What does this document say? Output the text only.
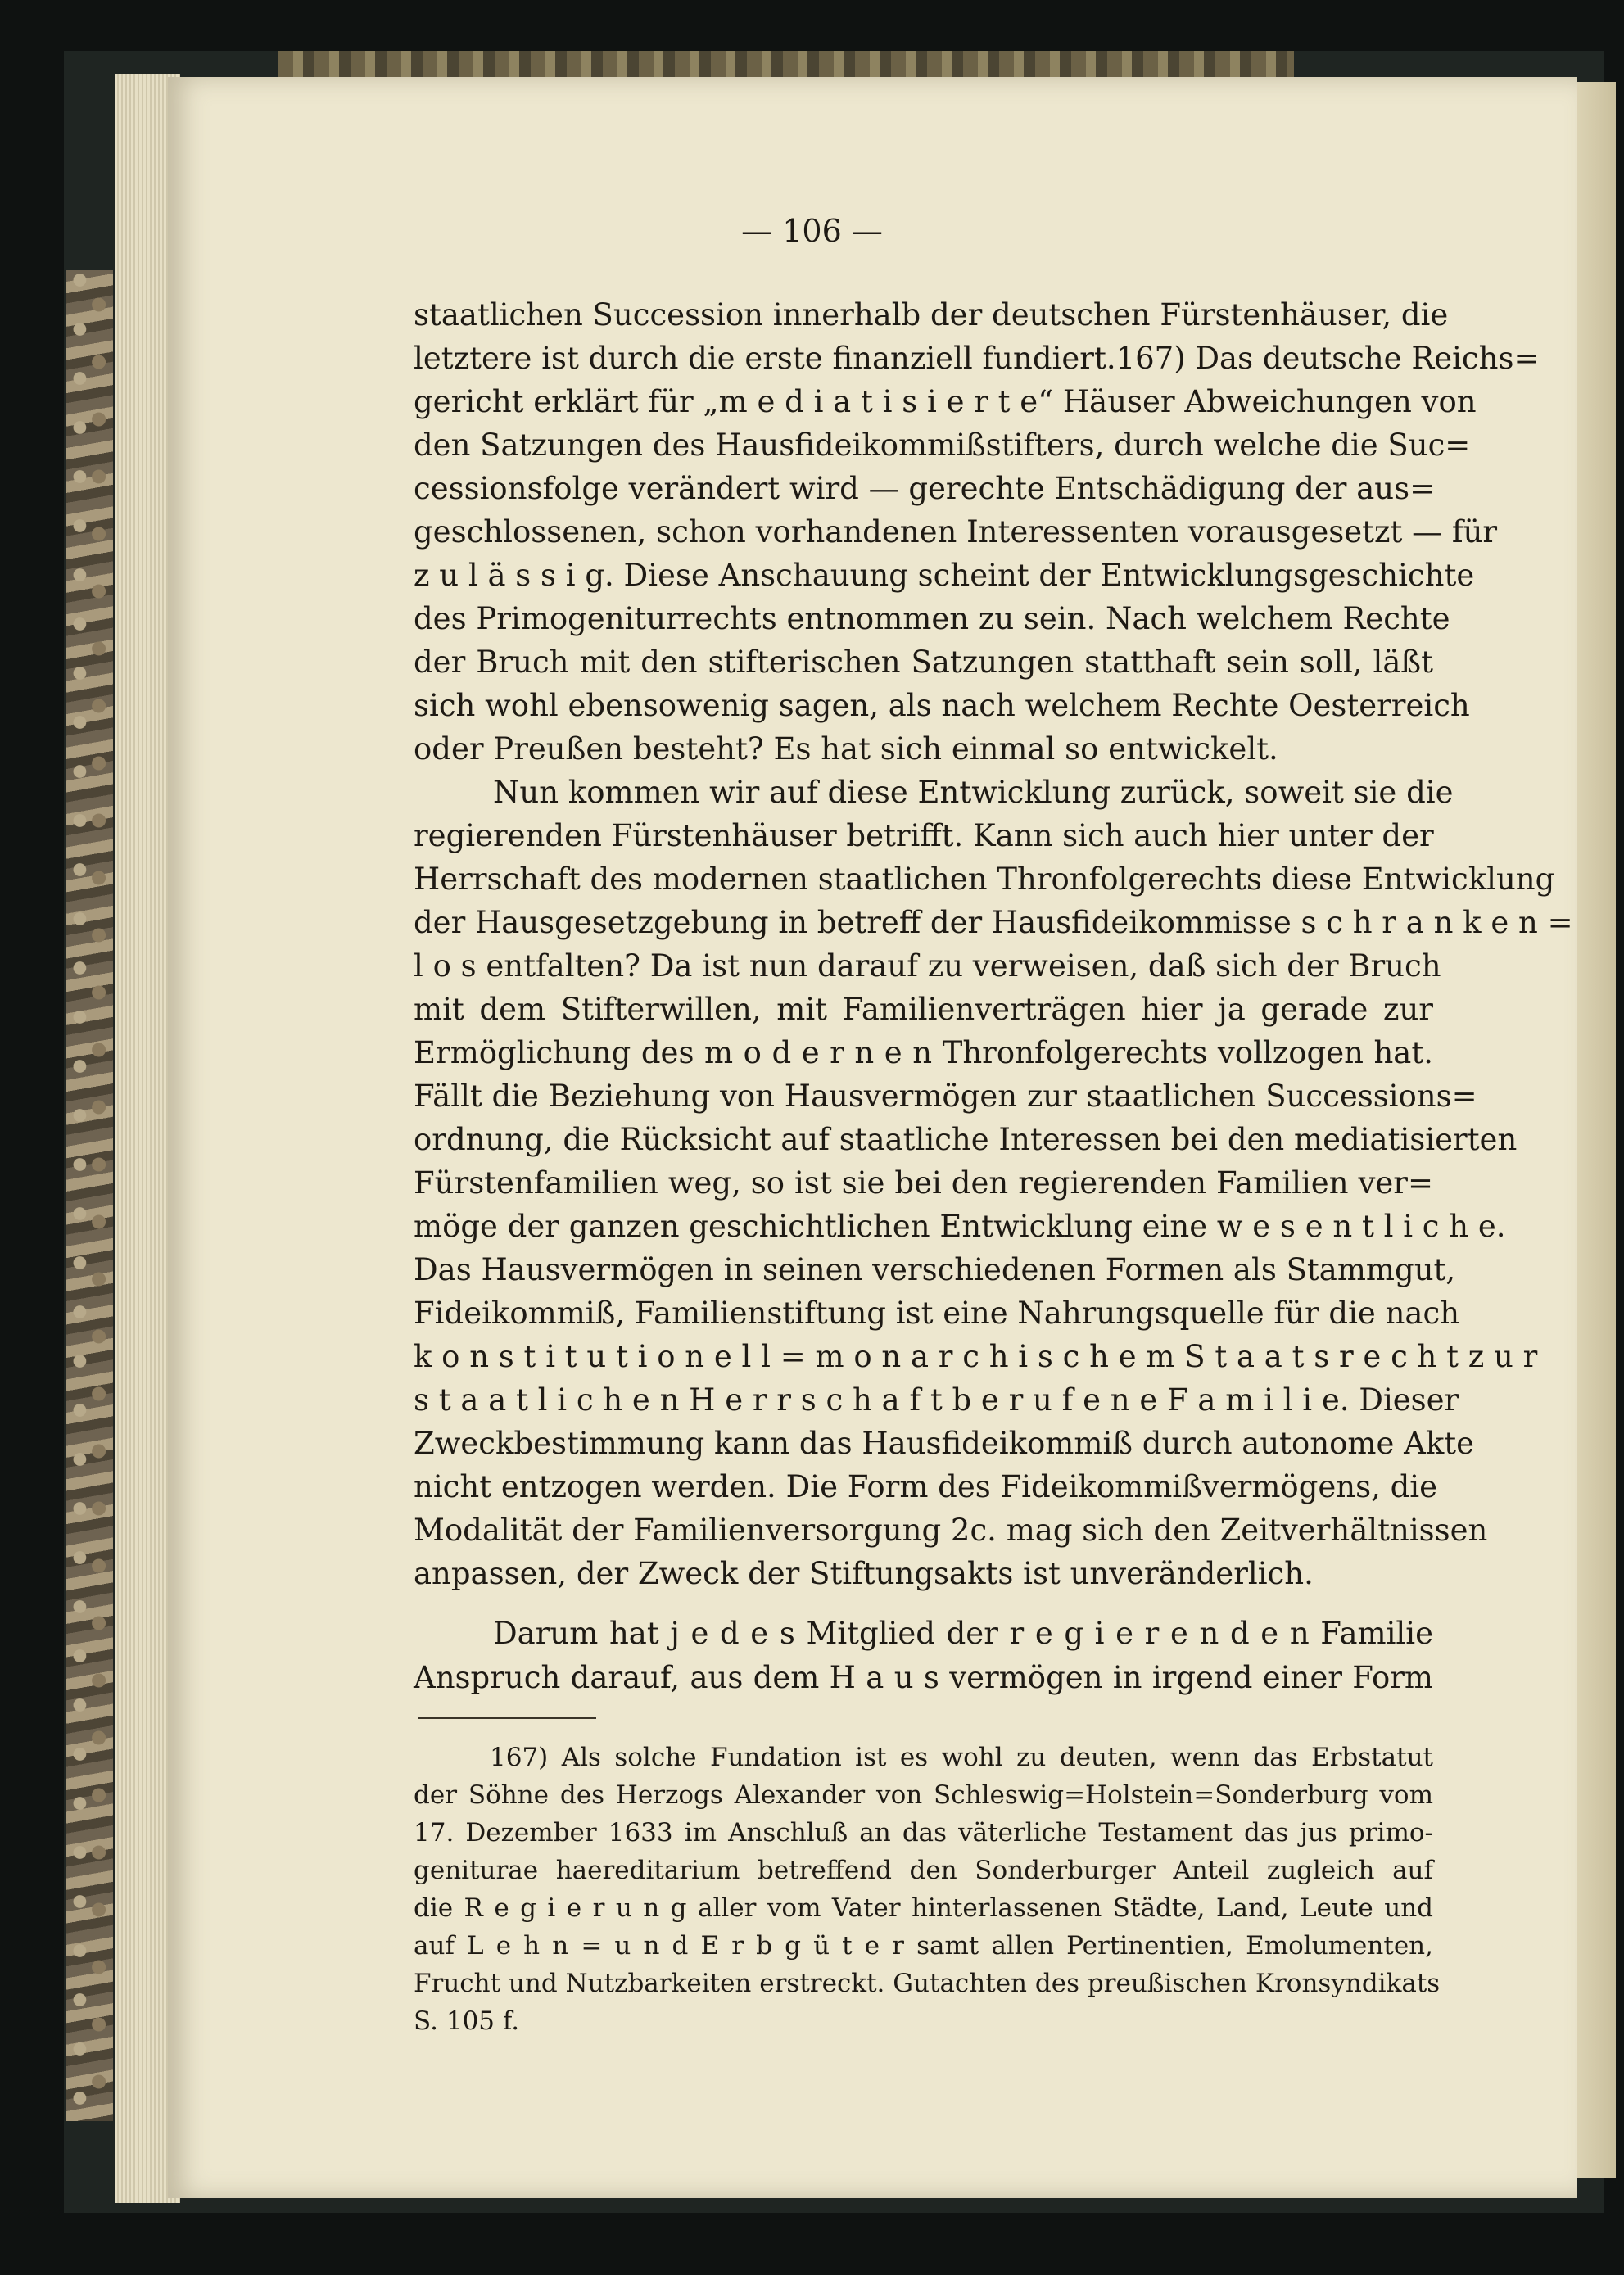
— 106 —
staatlichen Succession innerhalb der deutschen Fürstenhäuser, die
letztere ist durch die erste finanziell fundiert.167) Das deutsche Reichs=
gericht erklärt für „m e d i a t i s i e r t e“ Häuser Abweichungen von
den Satzungen des Hausfideikommißstifters, durch welche die Suc=
cessionsfolge verändert wird — gerechte Entschädigung der aus=
geschlossenen, schon vorhandenen Interessenten vorausgesetzt — für
z u l ä s s i g. Diese Anschauung scheint der Entwicklungsgeschichte
des Primogeniturrechts entnommen zu sein. Nach welchem Rechte
der Bruch mit den stifterischen Satzungen statthaft sein soll, läßt
sich wohl ebensowenig sagen, als nach welchem Rechte Oesterreich
oder Preußen besteht? Es hat sich einmal so entwickelt.
Nun kommen wir auf diese Entwicklung zurück, soweit sie die
regierenden Fürstenhäuser betrifft. Kann sich auch hier unter der
Herrschaft des modernen staatlichen Thronfolgerechts diese Entwicklung
der Hausgesetzgebung in betreff der Hausfideikommisse s c h r a n k e n =
l o s entfalten? Da ist nun darauf zu verweisen, daß sich der Bruch
mit dem Stifterwillen, mit Familienverträgen hier ja gerade zur
Ermöglichung des m o d e r n e n Thronfolgerechts vollzogen hat.
Fällt die Beziehung von Hausvermögen zur staatlichen Successions=
ordnung, die Rücksicht auf staatliche Interessen bei den mediatisierten
Fürstenfamilien weg, so ist sie bei den regierenden Familien ver=
möge der ganzen geschichtlichen Entwicklung eine w e s e n t l i c h e.
Das Hausvermögen in seinen verschiedenen Formen als Stammgut,
Fideikommiß, Familienstiftung ist eine Nahrungsquelle für die nach
k o n s t i t u t i o n e l l = m o n a r c h i s c h e m S t a a t s r e c h t z u r
s t a a t l i c h e n H e r r s c h a f t b e r u f e n e F a m i l i e. Dieser
Zweckbestimmung kann das Hausfideikommiß durch autonome Akte
nicht entzogen werden. Die Form des Fideikommißvermögens, die
Modalität der Familienversorgung 2c. mag sich den Zeitverhältnissen
anpassen, der Zweck der Stiftungsakts ist unveränderlich.
Darum hat j e d e s Mitglied der r e g i e r e n d e n Familie
Anspruch darauf, aus dem H a u s vermögen in irgend einer Form
167) Als solche Fundation ist es wohl zu deuten, wenn das Erbstatut
der Söhne des Herzogs Alexander von Schleswig=Holstein=Sonderburg vom
17. Dezember 1633 im Anschluß an das väterliche Testament das jus primo-
geniturae haereditarium betreffend den Sonderburger Anteil zugleich auf
die R e g i e r u n g aller vom Vater hinterlassenen Städte, Land, Leute und
auf L e h n = u n d E r b g ü t e r samt allen Pertinentien, Emolumenten,
Frucht und Nutzbarkeiten erstreckt. Gutachten des preußischen Kronsyndikats
S. 105 f.
